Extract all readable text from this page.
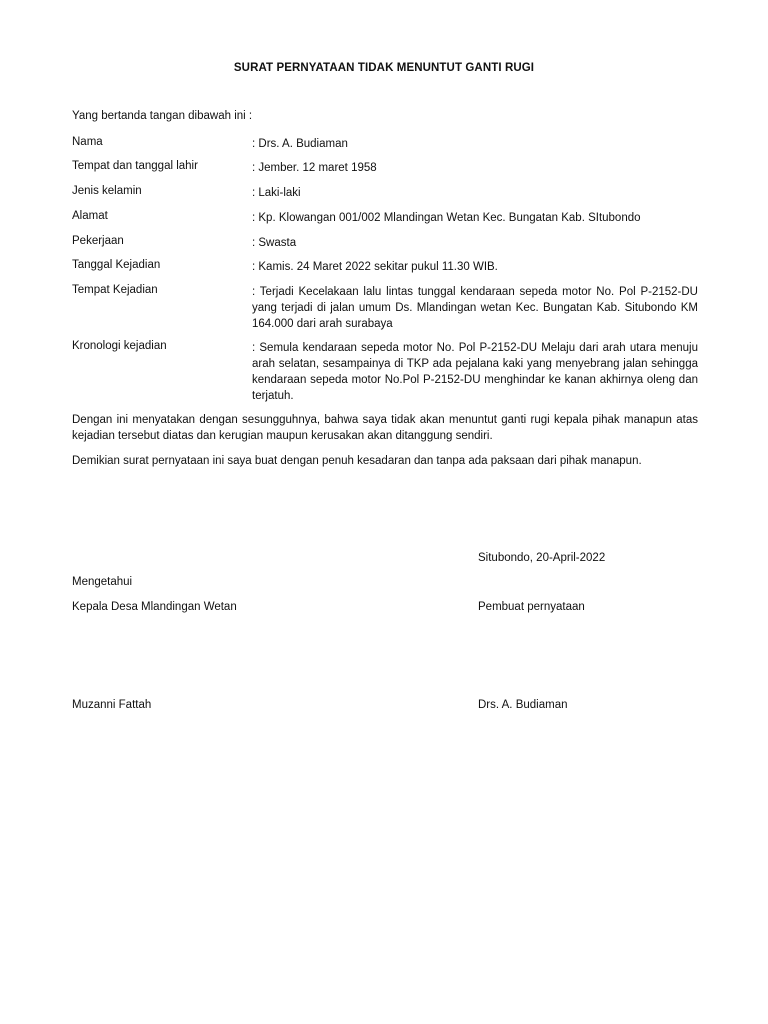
SURAT PERNYATAAN TIDAK MENUNTUT GANTI RUGI
Yang bertanda tangan dibawah ini :
Nama	: Drs. A. Budiaman
Tempat dan tanggal lahir	: Jember. 12 maret 1958
Jenis kelamin	: Laki-laki
Alamat	: Kp. Klowangan 001/002 Mlandingan Wetan Kec. Bungatan Kab. SItubondo
Pekerjaan	: Swasta
Tanggal Kejadian	: Kamis. 24 Maret 2022 sekitar pukul 11.30 WIB.
Tempat Kejadian	: Terjadi Kecelakaan lalu lintas tunggal kendaraan sepeda motor No. Pol P-2152-DU yang terjadi di jalan umum Ds. Mlandingan wetan Kec. Bungatan Kab. Situbondo KM 164.000 dari arah surabaya
Kronologi kejadian	: Semula kendaraan sepeda motor No. Pol P-2152-DU Melaju dari arah utara menuju arah selatan, sesampainya di TKP ada pejalana kaki yang menyebrang jalan sehingga kendaraan sepeda motor No.Pol P-2152-DU menghindar ke kanan akhirnya oleng dan terjatuh.
Dengan ini menyatakan dengan sesungguhnya, bahwa saya tidak akan menuntut ganti rugi kepala pihak manapun atas kejadian tersebut diatas dan kerugian maupun kerusakan akan ditanggung sendiri.
Demikian surat pernyataan ini saya buat dengan penuh kesadaran dan tanpa ada paksaan dari pihak manapun.
Situbondo, 20-April-2022
Mengetahui
Kepala Desa Mlandingan Wetan	Pembuat pernyataan
Muzanni Fattah	Drs. A. Budiaman
